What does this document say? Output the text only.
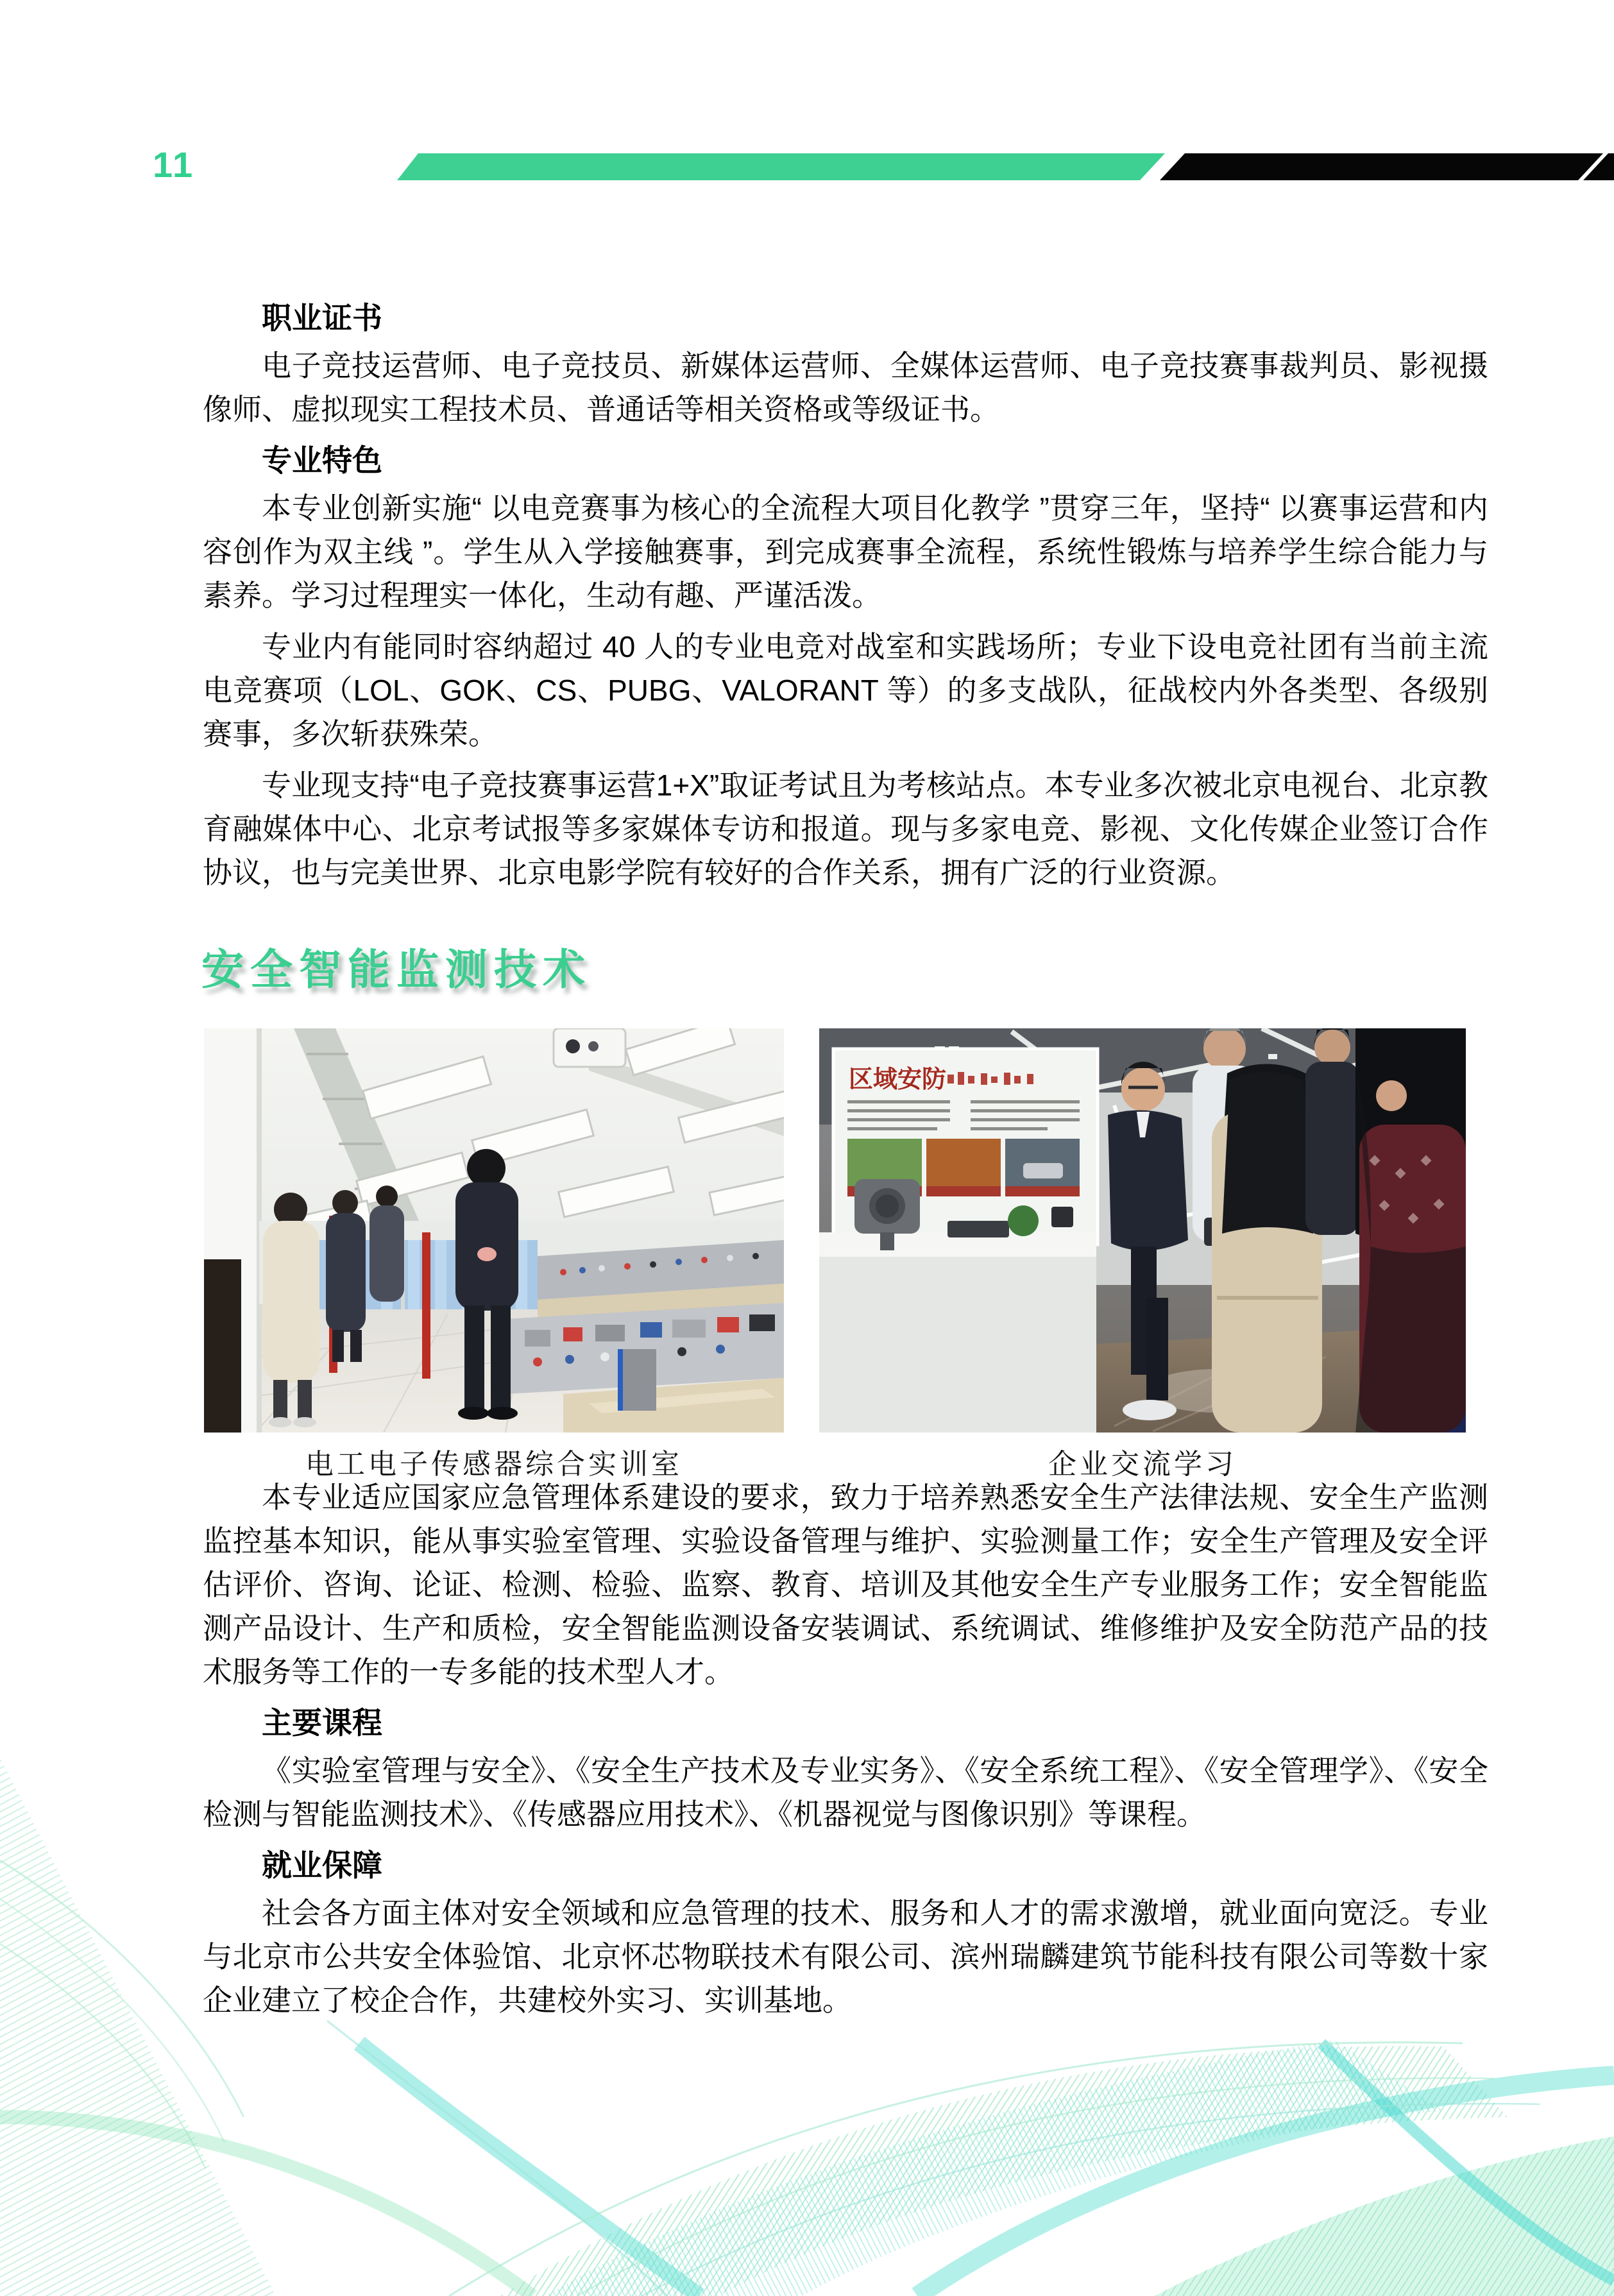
11
职业证书

电子竞技运营师、电子竞技员、新媒体运营师、全媒体运营师、电子竞技赛事裁判员、影视摄像师、虚拟现实工程技术员、普通话等相关资格或等级证书。

专业特色

本专业创新实施“ 以电竞赛事为核心的全流程大项目化教学 ”贯穿三年，坚持“ 以赛事运营和内容创作为双主线 ”。学生从入学接触赛事，到完成赛事全流程，系统性锻炼与培养学生综合能力与素养。学习过程理实一体化，生动有趣、严谨活泼。

专业内有能同时容纳超过 40 人的专业电竞对战室和实践场所；专业下设电竞社团有当前主流电竞赛项（LOL、GOK、CS、PUBG、VALORANT 等）的多支战队，征战校内外各类型、各级别赛事，多次斩获殊荣。

专业现支持“电子竞技赛事运营1+X”取证考试且为考核站点。本专业多次被北京电视台、北京教育融媒体中心、北京考试报等多家媒体专访和报道。现与多家电竞、影视、文化传媒企业签订合作协议，也与完美世界、北京电影学院有较好的合作关系，拥有广泛的行业资源。

安全智能监测技术
区域安防
电工电子传感器综合实训室	企业交流学习

本专业适应国家应急管理体系建设的要求，致力于培养熟悉安全生产法律法规、安全生产监测监控基本知识，能从事实验室管理、实验设备管理与维护、实验测量工作；安全生产管理及安全评估评价、咨询、论证、检测、检验、监察、教育、培训及其他安全生产专业服务工作；安全智能监测产品设计、生产和质检，安全智能监测设备安装调试、系统调试、维修维护及安全防范产品的技术服务等工作的一专多能的技术型人才。

主要课程

《实验室管理与安全》、《安全生产技术及专业实务》、《安全系统工程》、《安全管理学》、《安全检测与智能监测技术》、《传感器应用技术》、《机器视觉与图像识别》等课程。

就业保障

社会各方面主体对安全领域和应急管理的技术、服务和人才的需求激增，就业面向宽泛。专业与北京市公共安全体验馆、北京怀芯物联技术有限公司、滨州瑞麟建筑节能科技有限公司等数十家企业建立了校企合作，共建校外实习、实训基地。
